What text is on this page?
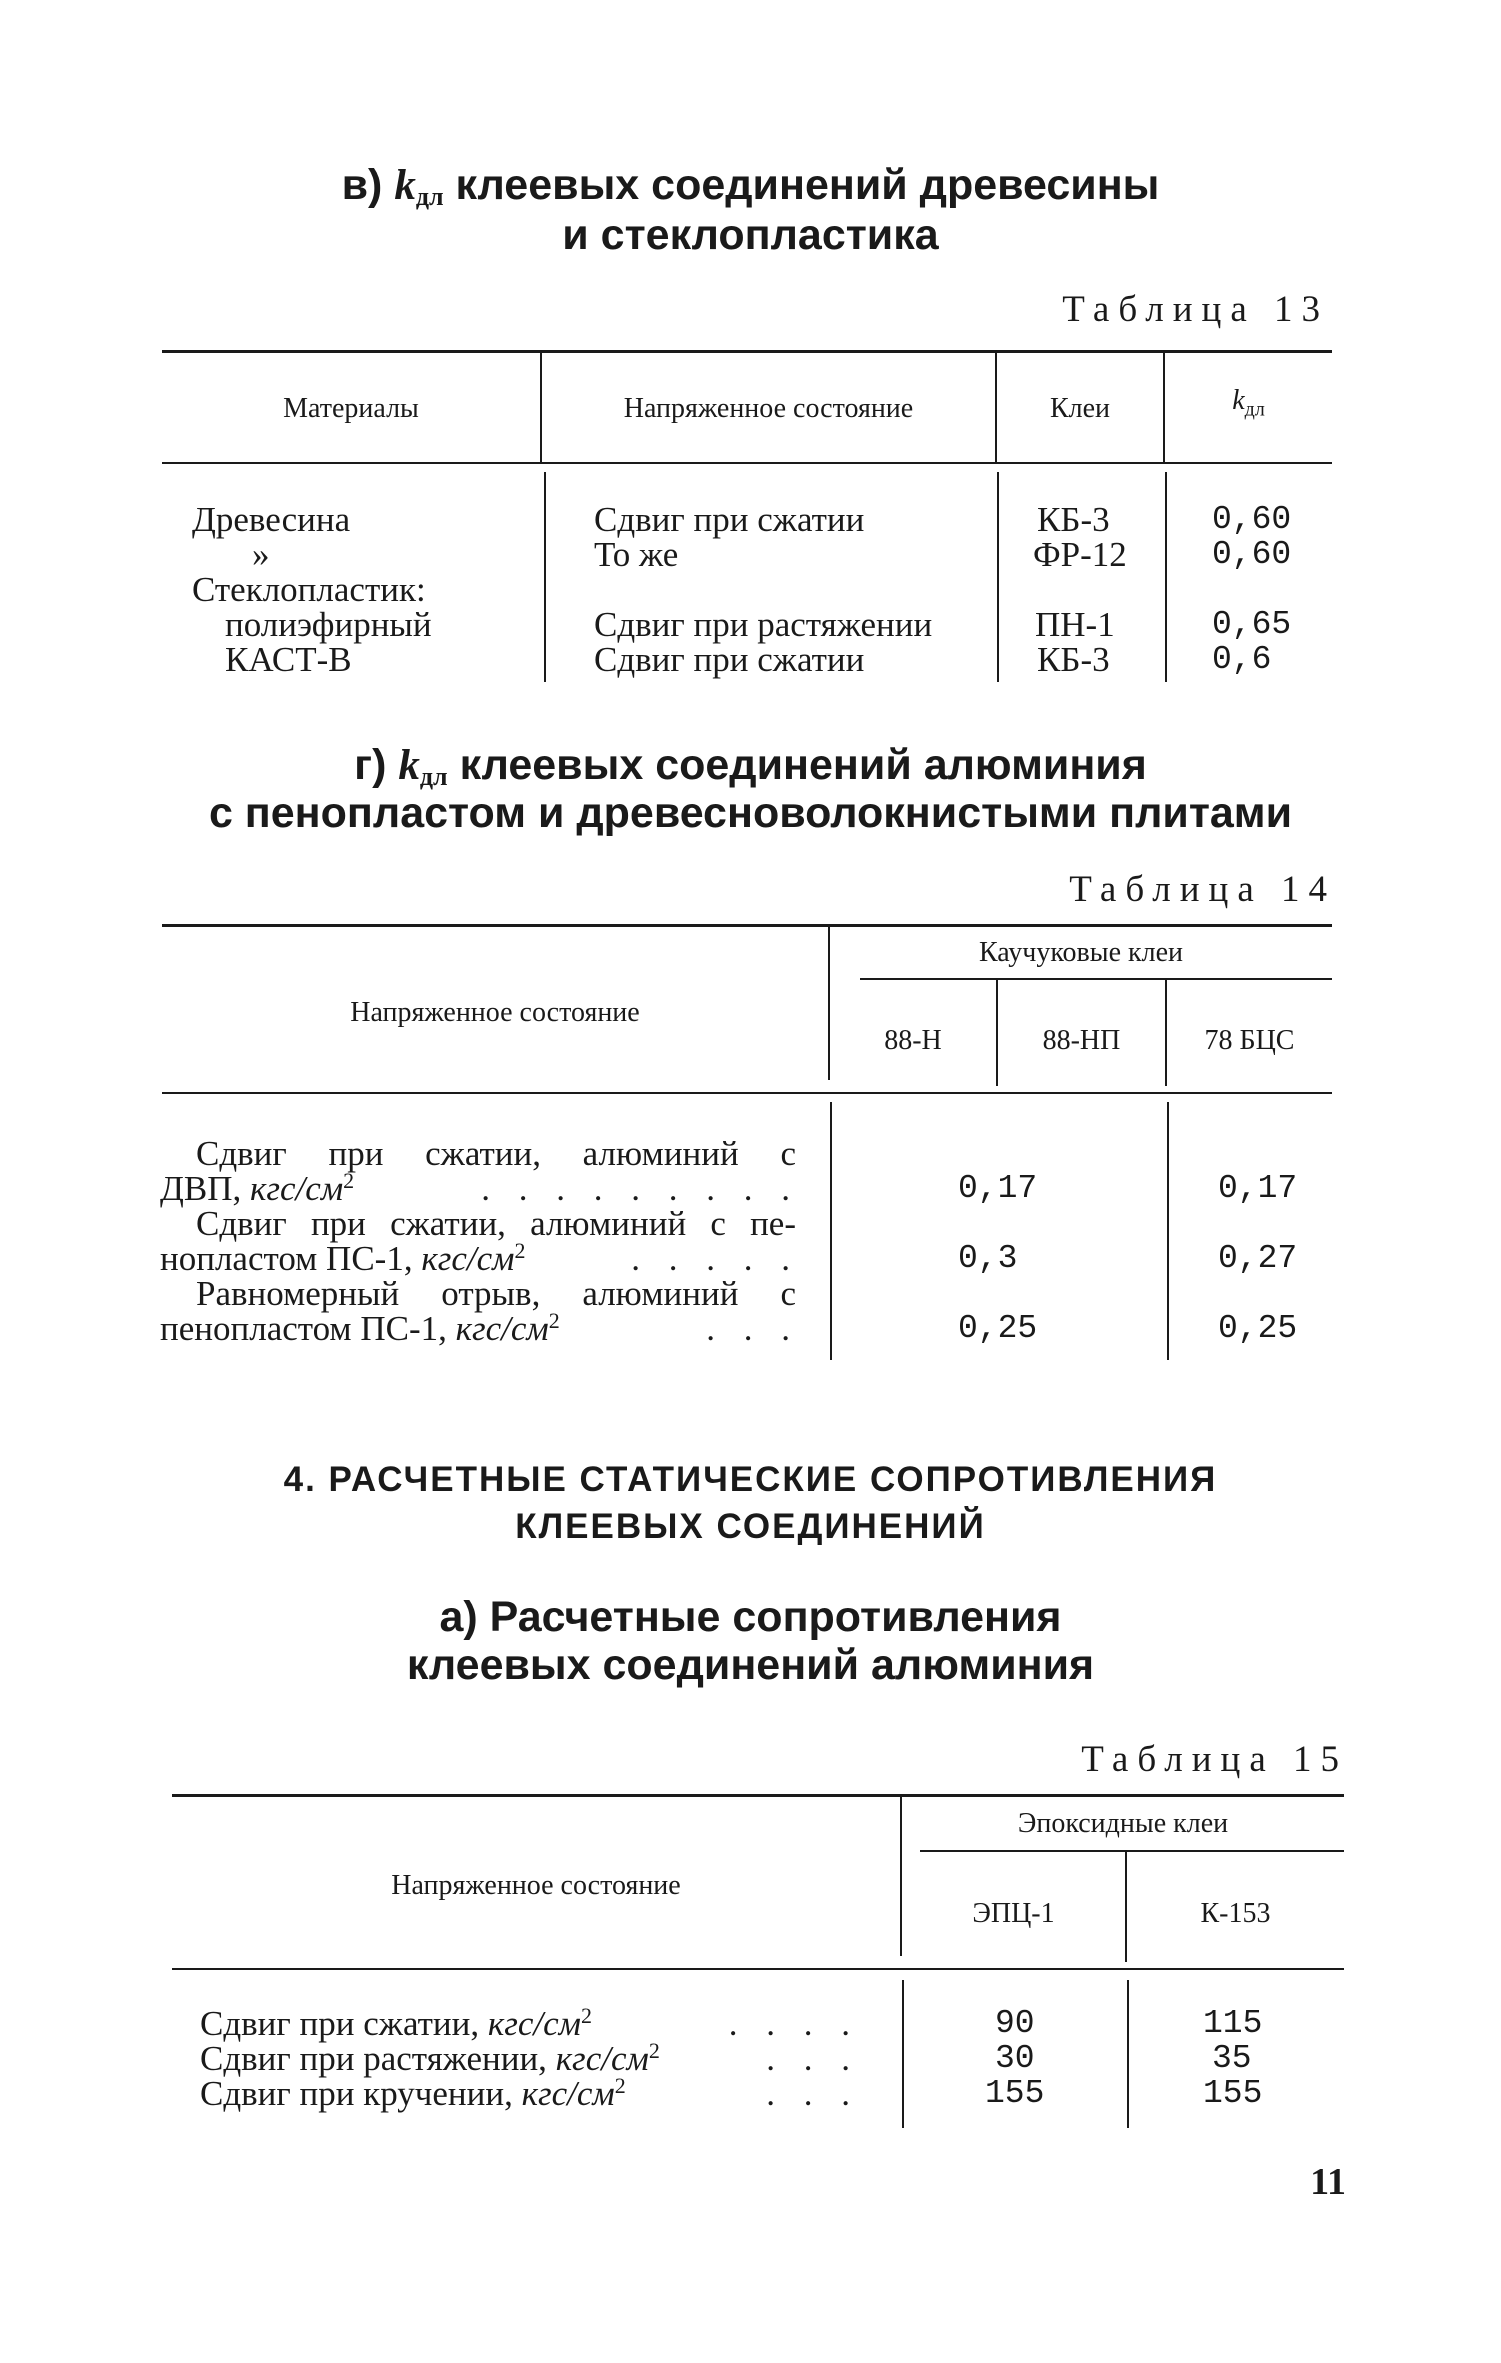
в) $k_{дл}$ клеевых соединений древесины
и стеклопластика
Таблица 13
Материалы	Напряженное состояние	Клеи	$k_{дл}$
Древесина	Сдвиг при сжатии	КБ-3	0,60
»	То же	ФР-12	0,60
Стеклопластик:
полиэфирный	Сдвиг при растяжении	ПН-1	0,65
КАСТ-В	Сдвиг при сжатии	КБ-3	0,6
г) $k_{дл}$ клеевых соединений алюминия
с пенопластом и древесноволокнистыми плитами
Таблица 14
Напряженное состояние
Каучуковые клеи
88-Н	88-НП	78 БЦС
Сдвиг при сжатии, алюминий с
ДВП, кгс/$см^2$	. . . . . . . . .	0,17	0,17
Сдвиг при сжатии, алюминий с пе-
нопластом ПС-1, кгс/$см^2$	. . . . .	0,3	0,27
Равномерный отрыв, алюминий с
пенопластом ПС-1, кгс/$см^2$	. . .	0,25	0,25
4. РАСЧЕТНЫЕ СТАТИЧЕСКИЕ СОПРОТИВЛЕНИЯ
КЛЕЕВЫХ СОЕДИНЕНИЙ
а) Расчетные сопротивления
клеевых соединений алюминия
Таблица 15
Напряженное состояние
Эпоксидные клеи
ЭПЦ-1	К-153
Сдвиг при сжатии, кгс/$см^2$	. . . .	90	115
Сдвиг при растяжении, кгс/$см^2$	. . .	30	35
Сдвиг при кручении, кгс/$см^2$	. . .	155	155
11
